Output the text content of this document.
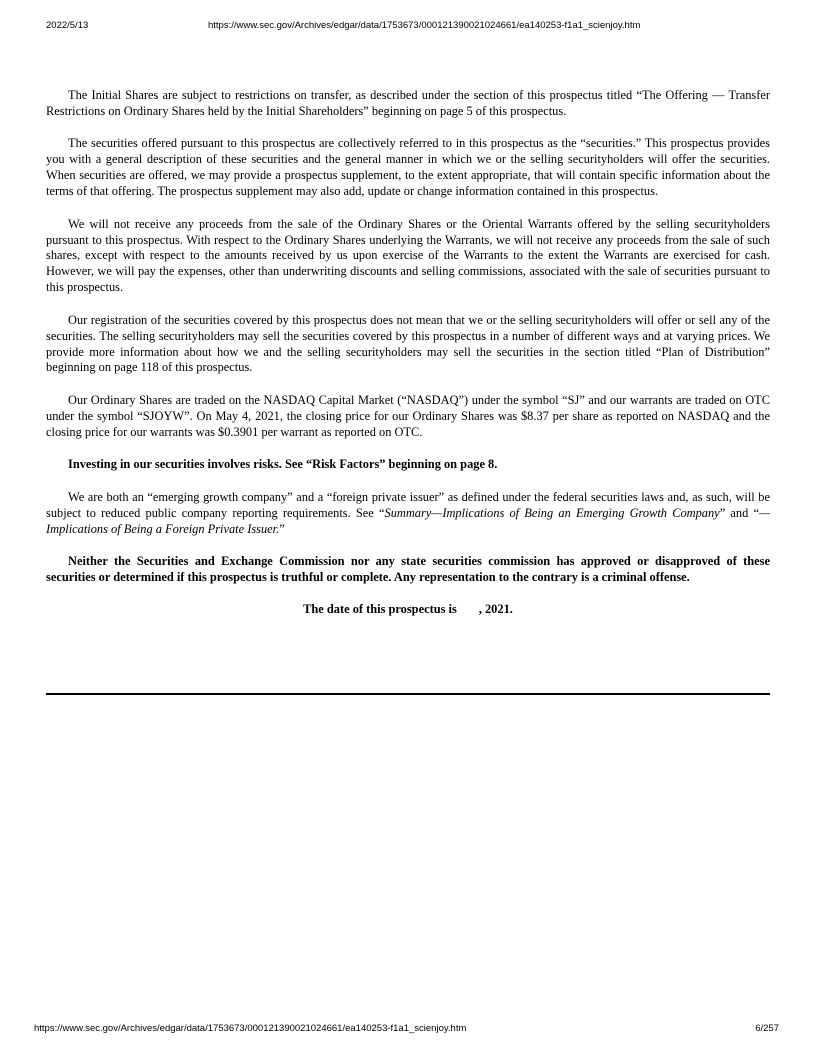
2022/5/13	https://www.sec.gov/Archives/edgar/data/1753673/000121390021024661/ea140253-f1a1_scienjoy.htm

The Initial Shares are subject to restrictions on transfer, as described under the section of this prospectus titled “The Offering — Transfer Restrictions on Ordinary Shares held by the Initial Shareholders” beginning on page 5 of this prospectus.

The securities offered pursuant to this prospectus are collectively referred to in this prospectus as the “securities.” This prospectus provides you with a general description of these securities and the general manner in which we or the selling securityholders will offer the securities. When securities are offered, we may provide a prospectus supplement, to the extent appropriate, that will contain specific information about the terms of that offering. The prospectus supplement may also add, update or change information contained in this prospectus.

We will not receive any proceeds from the sale of the Ordinary Shares or the Oriental Warrants offered by the selling securityholders pursuant to this prospectus. With respect to the Ordinary Shares underlying the Warrants, we will not receive any proceeds from the sale of such shares, except with respect to the amounts received by us upon exercise of the Warrants to the extent the Warrants are exercised for cash. However, we will pay the expenses, other than underwriting discounts and selling commissions, associated with the sale of securities pursuant to this prospectus.

Our registration of the securities covered by this prospectus does not mean that we or the selling securityholders will offer or sell any of the securities. The selling securityholders may sell the securities covered by this prospectus in a number of different ways and at varying prices. We provide more information about how we and the selling securityholders may sell the securities in the section titled “Plan of Distribution” beginning on page 118 of this prospectus.

Our Ordinary Shares are traded on the NASDAQ Capital Market (“NASDAQ”) under the symbol “SJ” and our warrants are traded on OTC under the symbol “SJOYW”. On May 4, 2021, the closing price for our Ordinary Shares was $8.37 per share as reported on NASDAQ and the closing price for our warrants was $0.3901 per warrant as reported on OTC.

Investing in our securities involves risks. See “Risk Factors” beginning on page 8.

We are both an “emerging growth company” and a “foreign private issuer” as defined under the federal securities laws and, as such, will be subject to reduced public company reporting requirements. See “Summary—Implications of Being an Emerging Growth Company” and “—Implications of Being a Foreign Private Issuer.”

Neither the Securities and Exchange Commission nor any state securities commission has approved or disapproved of these securities or determined if this prospectus is truthful or complete. Any representation to the contrary is a criminal offense.

The date of this prospectus is , 2021.

https://www.sec.gov/Archives/edgar/data/1753673/000121390021024661/ea140253-f1a1_scienjoy.htm	6/257
